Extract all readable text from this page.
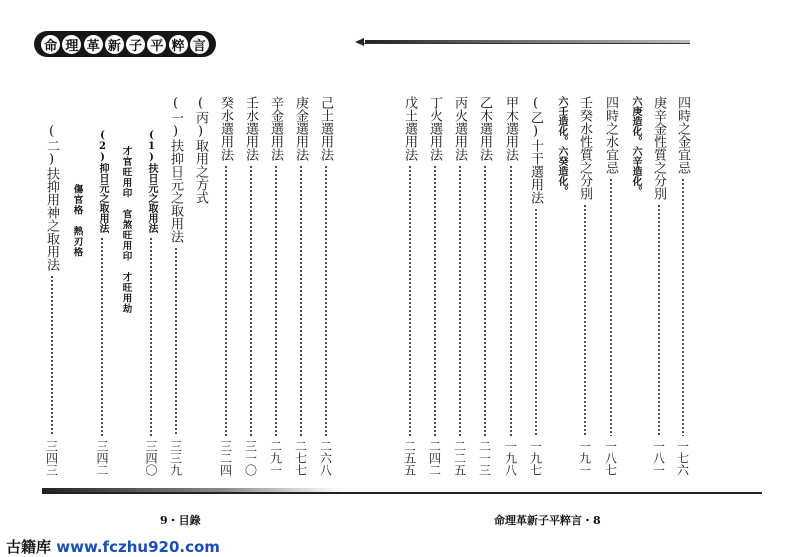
命 理 革 新 子 平 粹 言
四時之金宜忌
一七六
庚辛金性質之分別
一八一
六庚造化。六辛造化。
四時之水宜忌
一八七
壬癸水性質之分別
一九一
六壬造化。六癸造化。
(乙)十干選用法
一九七
甲木選用法
一九八
乙木選用法
二一三
丙火選用法
二二五
丁火選用法
二四二
戊土選用法
二五五
己土選用法
二六八
庚金選用法
二七七
辛金選用法
二九一
壬水選用法
三一〇
癸水選用法
三二四
(丙)取用之方式
(一)扶抑日元之取用法
三三九
(1)扶日元之取用法
三四〇
才官旺用印　官煞旺用印　才旺用劫
(2)抑日元之取用法
三四二
傷官格　熱刃格
(二)扶抑用神之取用法
三四三
9・目錄	命理革新子平粹言・8
古籍库 www.fczhu920.com
